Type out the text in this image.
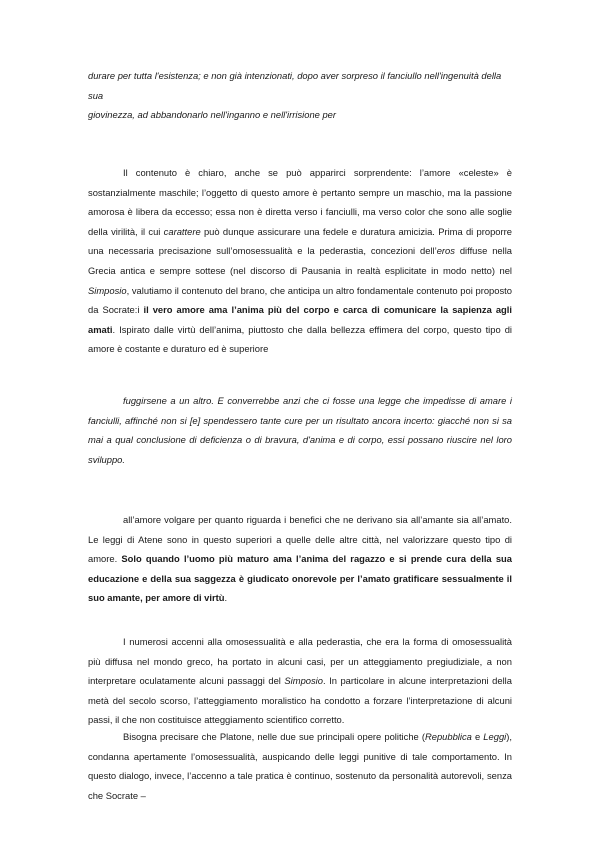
durare per tutta l'esistenza; e non già intenzionati, dopo aver sorpreso il fanciullo nell'ingenuità della sua
giovinezza, ad abbandonarlo nell'inganno e nell'irrisione per

Il contenuto è chiaro, anche se può apparirci sorprendente: l’amore «celeste» è sostanzialmente maschile; l’oggetto di questo amore è pertanto sempre un maschio, ma la passione amorosa è libera da eccesso; essa non è diretta verso i fanciulli, ma verso color che sono alle soglie della virilità, il cui carattere può dunque assicurare una fedele e duratura amicizia. Prima di proporre una necessaria precisazione sull’omosessualità e la pederastia, concezioni dell’eros diffuse nella Grecia antica e sempre sottese (nel discorso di Pausania in realtà esplicitate in modo netto) nel Simposio, valutiamo il contenuto del brano, che anticipa un altro fondamentale contenuto poi proposto da Socrate:i il vero amore ama l’anima più del corpo e carca di comunicare la sapienza agli amati. Ispirato dalle virtù dell’anima, piuttosto che dalla bellezza effimera del corpo, questo tipo di amore è costante e duraturo ed è superiore

fuggirsene a un altro. E converrebbe anzi che ci fosse una legge che impedisse di amare i fanciulli, affinché non si [e] spendessero tante cure per un risultato ancora incerto: giacché non si sa mai a qual conclusione di deficienza o di bravura, d'anima e di corpo, essi possano riuscire nel loro sviluppo.

all’amore volgare per quanto riguarda i benefici che ne derivano sia all’amante sia all’amato. Le leggi di Atene sono in questo superiori a quelle delle altre città, nel valorizzare questo tipo di amore. Solo quando l’uomo più maturo ama l’anima del ragazzo e si prende cura della sua educazione e della sua saggezza è giudicato onorevole per l’amato gratificare sessualmente il suo amante, per amore di virtù.

I numerosi accenni alla omosessualità e alla pederastia, che era la forma di omosessualità più diffusa nel mondo greco, ha portato in alcuni casi, per un atteggiamento pregiudiziale, a non interpretare oculatamente alcuni passaggi del Simposio. In particolare in alcune interpretazioni della metà del secolo scorso, l’atteggiamento moralistico ha condotto a forzare l’interpretazione di alcuni passi, il che non costituisce atteggiamento scientifico corretto.

Bisogna precisare che Platone, nelle due sue principali opere politiche (Repubblica e Leggi), condanna apertamente l’omosessualità, auspicando delle leggi punitive di tale comportamento. In questo dialogo, invece, l’accenno a tale pratica è continuo, sostenuto da personalità autorevoli, senza che Socrate –
